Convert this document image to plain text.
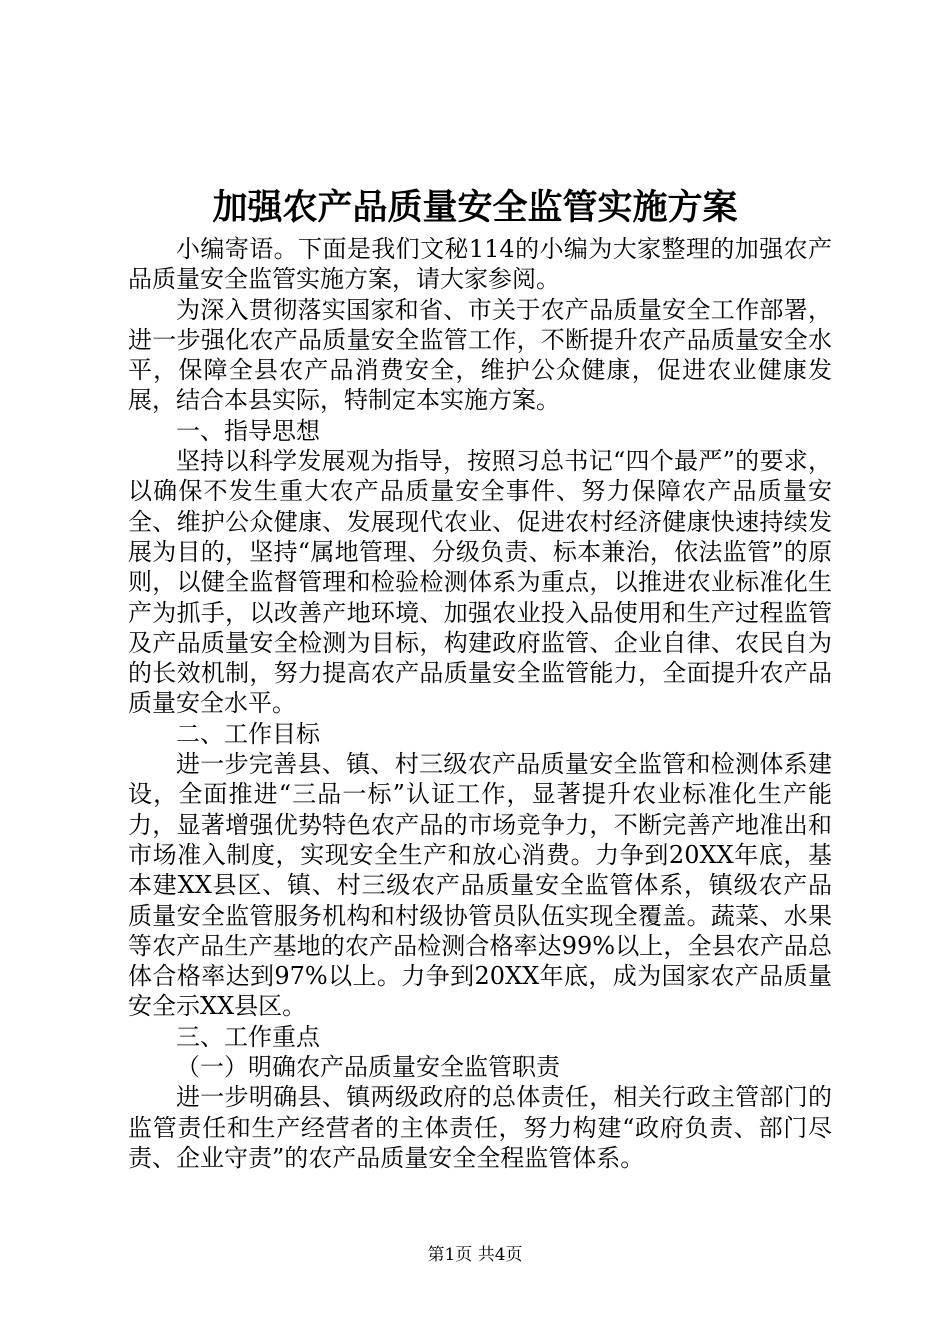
加强农产品质量安全监管实施方案

小编寄语。下面是我们文秘114的小编为大家整理的加强农产品质量安全监管实施方案，请大家参阅。

为深入贯彻落实国家和省、市关于农产品质量安全工作部署，进一步强化农产品质量安全监管工作，不断提升农产品质量安全水平，保障全县农产品消费安全，维护公众健康，促进农业健康发展，结合本县实际，特制定本实施方案。

一、指导思想

坚持以科学发展观为指导，按照习总书记“四个最严”的要求，以确保不发生重大农产品质量安全事件、努力保障农产品质量安全、维护公众健康、发展现代农业、促进农村经济健康快速持续发展为目的，坚持“属地管理、分级负责、标本兼治，依法监管”的原则，以健全监督管理和检验检测体系为重点，以推进农业标准化生产为抓手，以改善产地环境、加强农业投入品使用和生产过程监管及产品质量安全检测为目标，构建政府监管、企业自律、农民自为的长效机制，努力提高农产品质量安全监管能力，全面提升农产品质量安全水平。

二、工作目标

进一步完善县、镇、村三级农产品质量安全监管和检测体系建设，全面推进“三品一标”认证工作，显著提升农业标准化生产能力，显著增强优势特色农产品的市场竞争力，不断完善产地准出和市场准入制度，实现安全生产和放心消费。力争到20XX年底，基本建XX县区、镇、村三级农产品质量安全监管体系，镇级农产品质量安全监管服务机构和村级协管员队伍实现全覆盖。蔬菜、水果等农产品生产基地的农产品检测合格率达99%以上，全县农产品总体合格率达到97%以上。力争到20XX年底，成为国家农产品质量安全示XX县区。

三、工作重点

（一）明确农产品质量安全监管职责

进一步明确县、镇两级政府的总体责任，相关行政主管部门的监管责任和生产经营者的主体责任，努力构建“政府负责、部门尽责、企业守责”的农产品质量安全全程监管体系。

第1页 共4页
